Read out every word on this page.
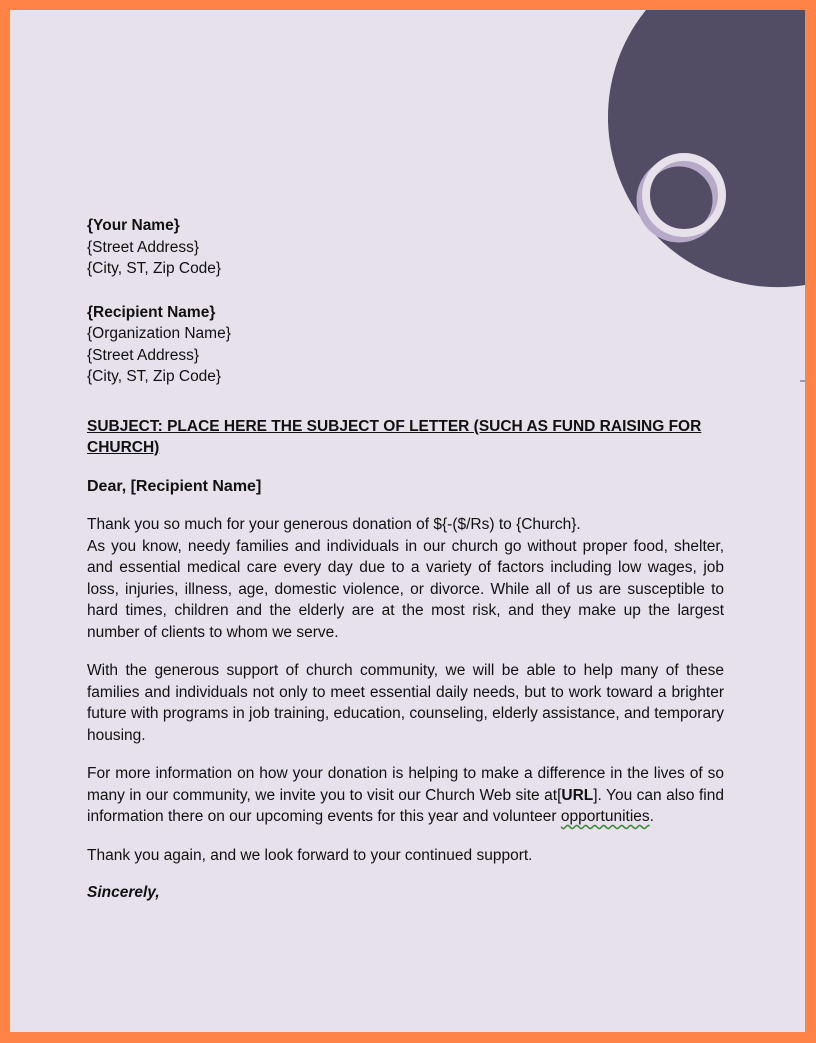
{Your Name}
{Street Address}
{City, ST, Zip Code}
{Recipient Name}
{Organization Name}
{Street Address}
{City, ST, Zip Code}
SUBJECT: PLACE HERE THE SUBJECT OF LETTER (SUCH AS FUND RAISING FOR CHURCH)
Dear, [Recipient Name]
Thank you so much for your generous donation of ${-($/Rs) to {Church}.
As you know, needy families and individuals in our church go without proper food, shelter, and essential medical care every day due to a variety of factors including low wages, job loss, injuries, illness, age, domestic violence, or divorce. While all of us are susceptible to hard times, children and the elderly are at the most risk, and they make up the largest number of clients to whom we serve.
With the generous support of church community, we will be able to help many of these families and individuals not only to meet essential daily needs, but to work toward a brighter future with programs in job training, education, counseling, elderly assistance, and temporary housing.
For more information on how your donation is helping to make a difference in the lives of so many in our community, we invite you to visit our Church Web site at[URL]. You can also find information there on our upcoming events for this year and volunteer opportunities.
Thank you again, and we look forward to your continued support.
Sincerely,
